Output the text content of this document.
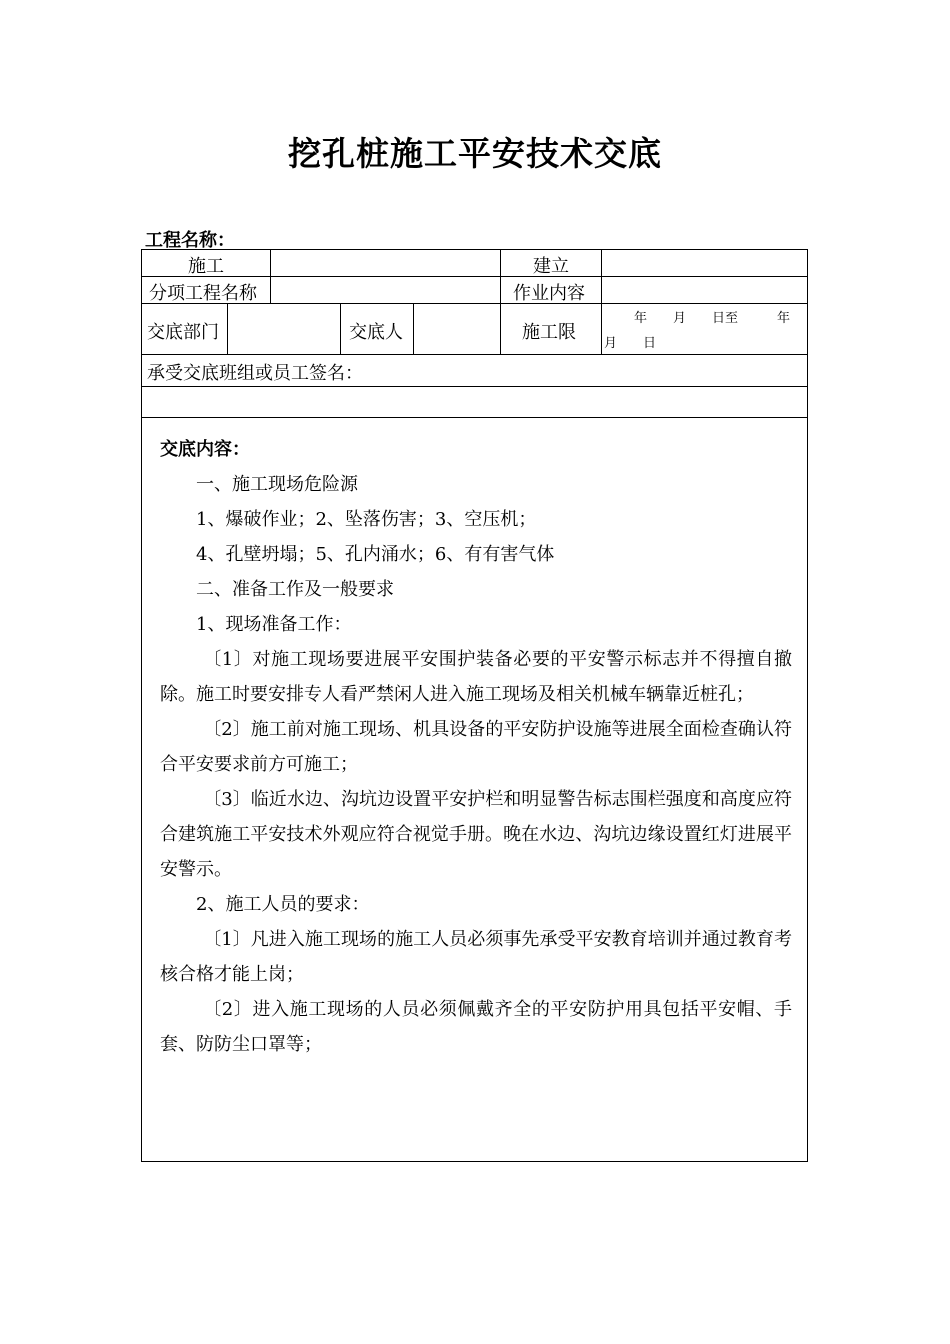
挖孔桩施工平安技术交底
工程名称：
施工	建立
分项工程名称	作业内容
交底部门	交底人	施工限
年　　月　　日至　　　年
月　　日
承受交底班组或员工签名：
交底内容：

一、施工现场危险源

1、爆破作业；2、坠落伤害；3、空压机；

4、孔壁坍塌；5、孔内涌水；6、有有害气体

二、准备工作及一般要求

1、现场准备工作：

〔1〕对施工现场要进展平安围护装备必要的平安警示标志并不得擅自撤除。施工时要安排专人看严禁闲人进入施工现场及相关机械车辆靠近桩孔；

〔2〕施工前对施工现场、机具设备的平安防护设施等进展全面检查确认符合平安要求前方可施工；

〔3〕临近水边、沟坑边设置平安护栏和明显警告标志围栏强度和高度应符合建筑施工平安技术外观应符合视觉手册。晚在水边、沟坑边缘设置红灯进展平安警示。

2、施工人员的要求：

〔1〕凡进入施工现场的施工人员必须事先承受平安教育培训并通过教育考核合格才能上岗；

〔2〕进入施工现场的人员必须佩戴齐全的平安防护用具包括平安帽、手套、防防尘口罩等；
